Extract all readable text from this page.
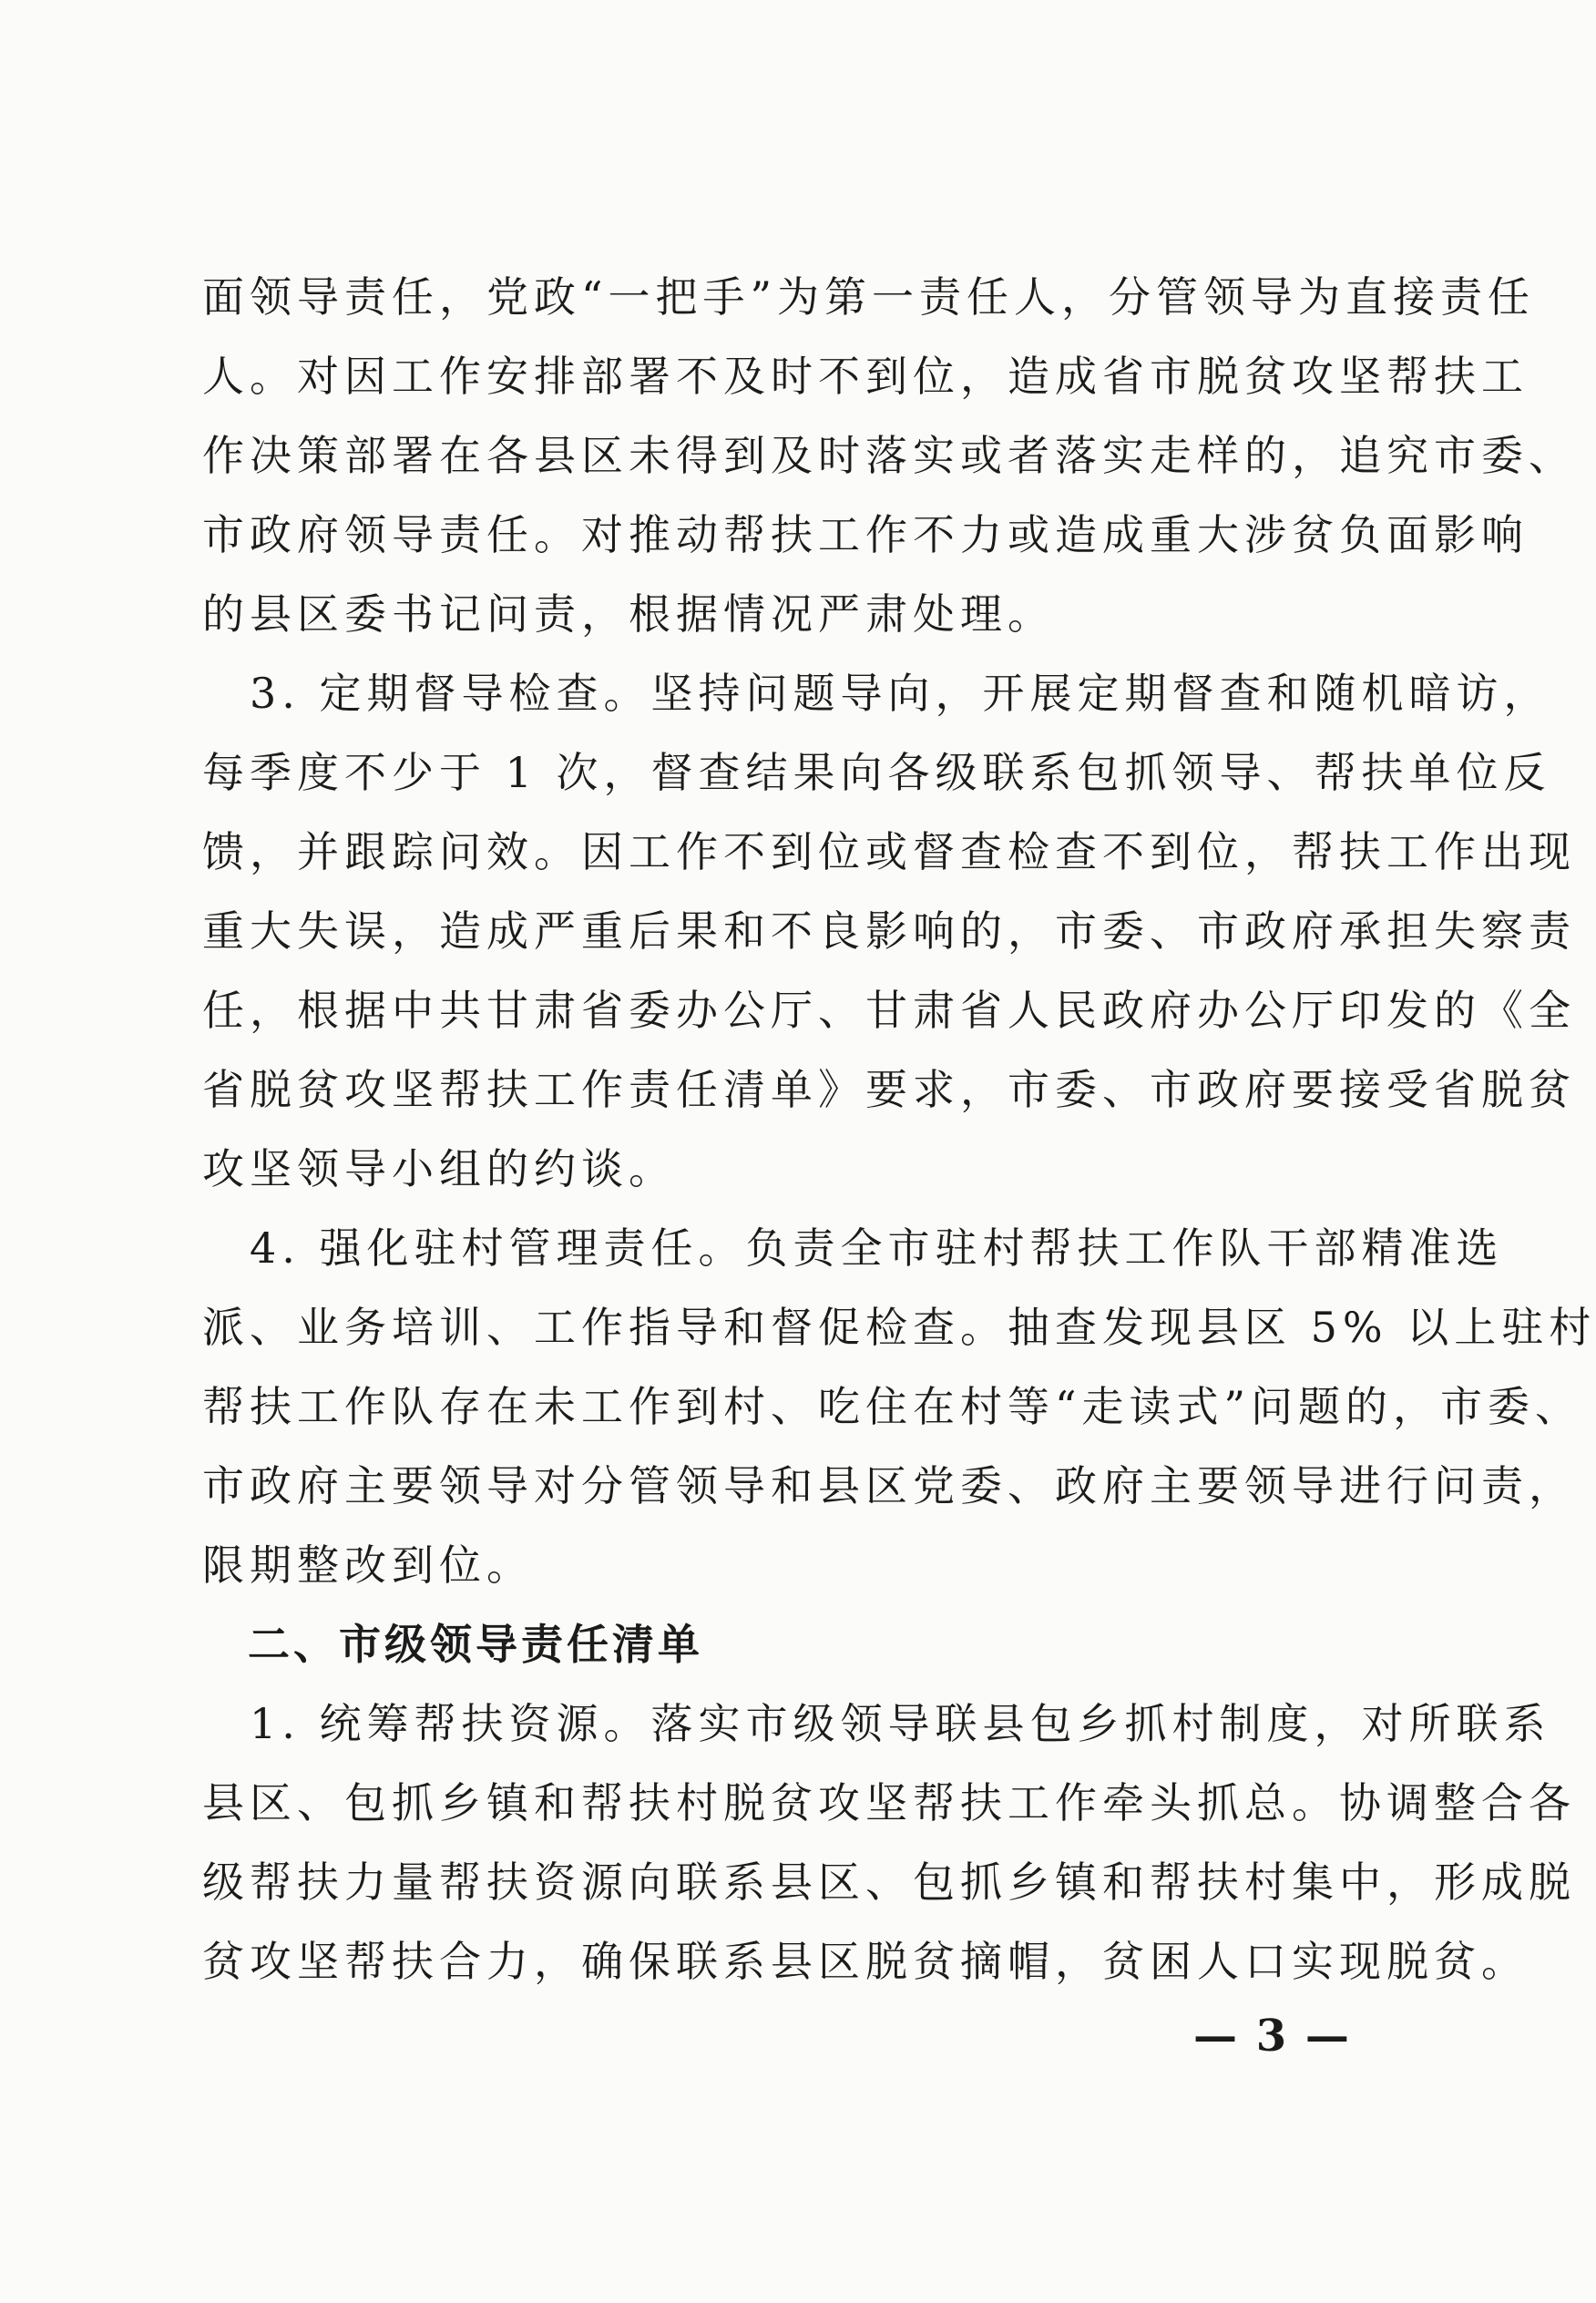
面领导责任，党政“一把手”为第一责任人，分管领导为直接责任
人。对因工作安排部署不及时不到位，造成省市脱贫攻坚帮扶工
作决策部署在各县区未得到及时落实或者落实走样的，追究市委、
市政府领导责任。对推动帮扶工作不力或造成重大涉贫负面影响
的县区委书记问责，根据情况严肃处理。
　3. 定期督导检查。坚持问题导向，开展定期督查和随机暗访，
每季度不少于 1 次，督查结果向各级联系包抓领导、帮扶单位反
馈，并跟踪问效。因工作不到位或督查检查不到位，帮扶工作出现
重大失误，造成严重后果和不良影响的，市委、市政府承担失察责
任，根据中共甘肃省委办公厅、甘肃省人民政府办公厅印发的《全
省脱贫攻坚帮扶工作责任清单》要求，市委、市政府要接受省脱贫
攻坚领导小组的约谈。
　4. 强化驻村管理责任。负责全市驻村帮扶工作队干部精准选
派、业务培训、工作指导和督促检查。抽查发现县区 5% 以上驻村
帮扶工作队存在未工作到村、吃住在村等“走读式”问题的，市委、
市政府主要领导对分管领导和县区党委、政府主要领导进行问责，
限期整改到位。
　二、市级领导责任清单
　1. 统筹帮扶资源。落实市级领导联县包乡抓村制度，对所联系
县区、包抓乡镇和帮扶村脱贫攻坚帮扶工作牵头抓总。协调整合各
级帮扶力量帮扶资源向联系县区、包抓乡镇和帮扶村集中，形成脱
贫攻坚帮扶合力，确保联系县区脱贫摘帽，贫困人口实现脱贫。
— 3 —
